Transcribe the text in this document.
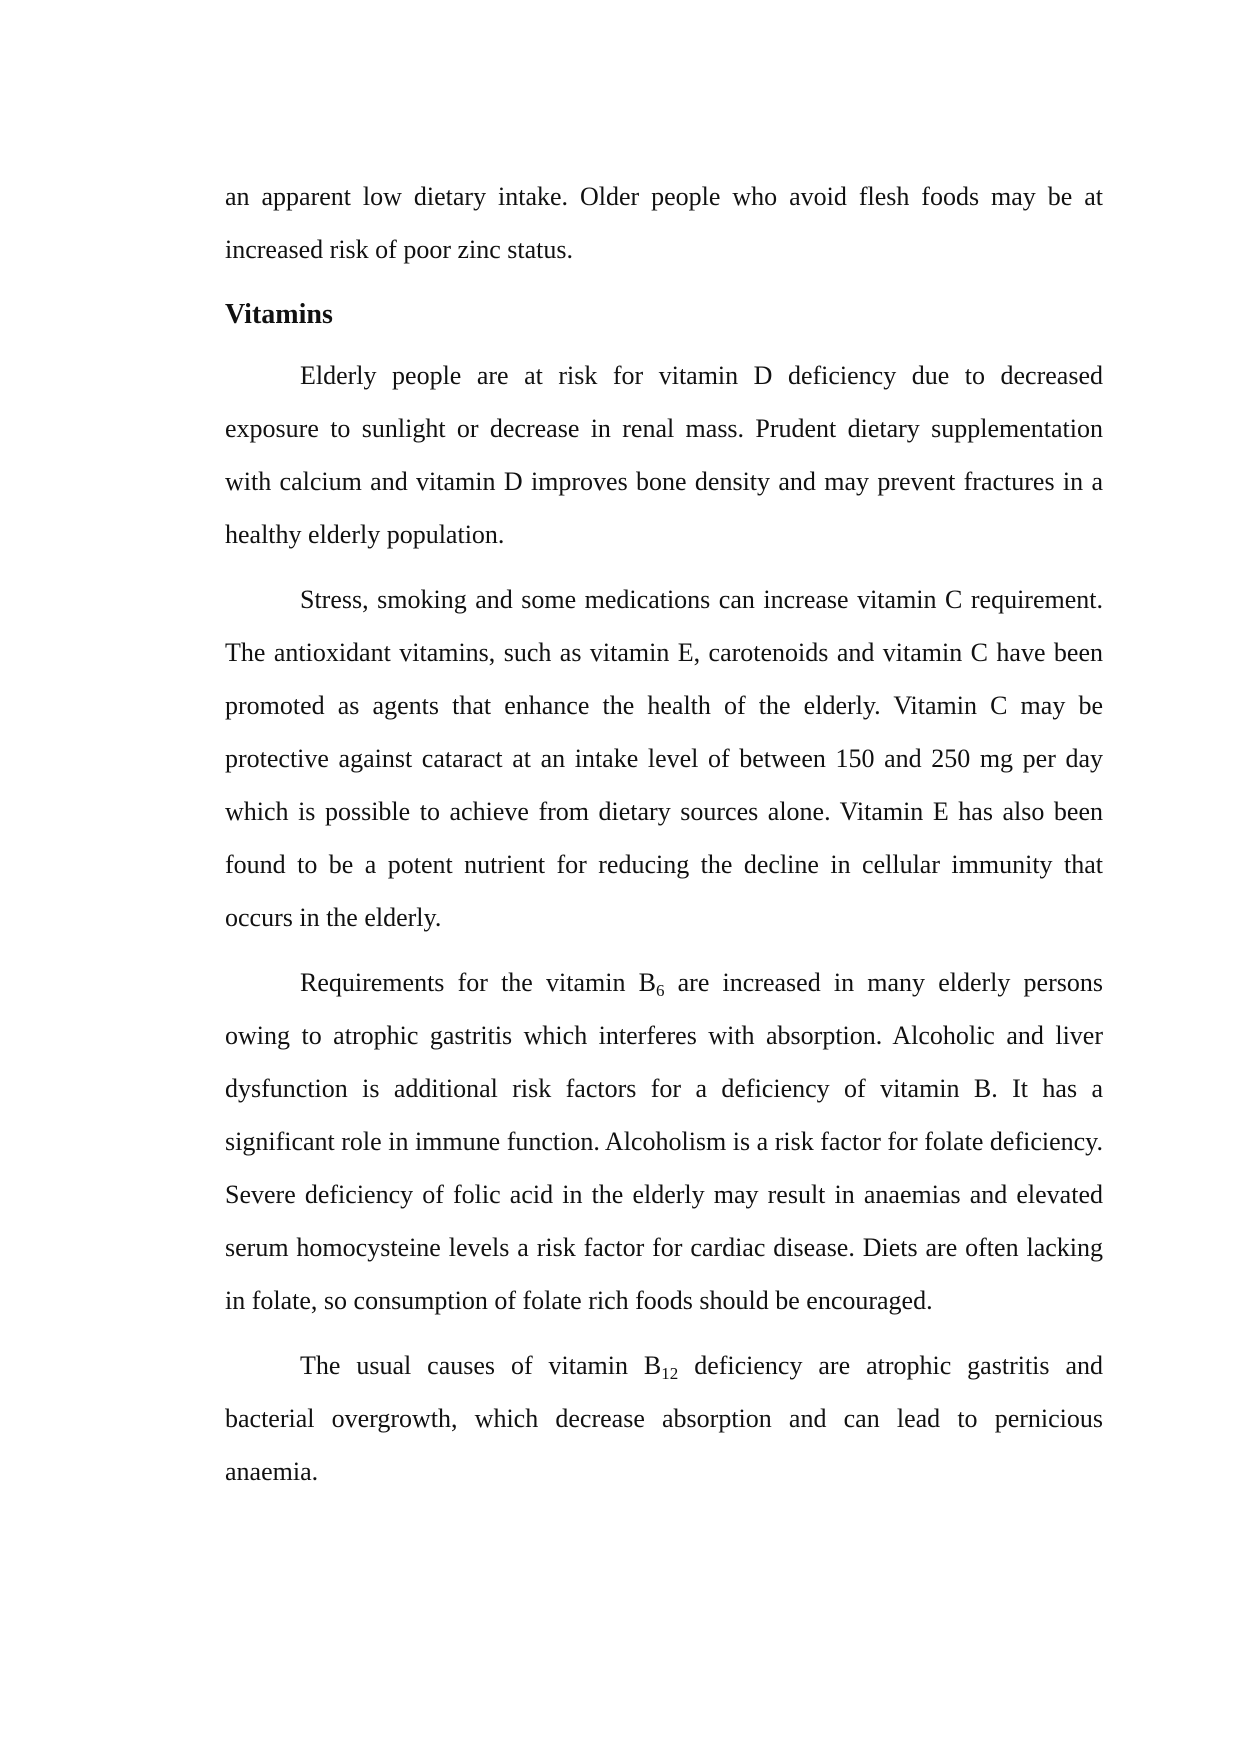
an apparent low dietary intake. Older people who avoid flesh foods may be at increased risk of poor zinc status.

Vitamins

Elderly people are at risk for vitamin D deficiency due to decreased exposure to sunlight or decrease in renal mass. Prudent dietary supplementation with calcium and vitamin D improves bone density and may prevent fractures in a healthy elderly population.

Stress, smoking and some medications can increase vitamin C requirement. The antioxidant vitamins, such as vitamin E, carotenoids and vitamin C have been promoted as agents that enhance the health of the elderly. Vitamin C may be protective against cataract at an intake level of between 150 and 250 mg per day which is possible to achieve from dietary sources alone. Vitamin E has also been found to be a potent nutrient for reducing the decline in cellular immunity that occurs in the elderly.

Requirements for the vitamin $B_6$ are increased in many elderly persons owing to atrophic gastritis which interferes with absorption. Alcoholic and liver dysfunction is additional risk factors for a deficiency of vitamin B. It has a significant role in immune function. Alcoholism is a risk factor for folate deficiency. Severe deficiency of folic acid in the elderly may result in anaemias and elevated serum homocysteine levels a risk factor for cardiac disease. Diets are often lacking in folate, so consumption of folate rich foods should be encouraged.

The usual causes of vitamin $B_{12}$ deficiency are atrophic gastritis and bacterial overgrowth, which decrease absorption and can lead to pernicious anaemia.
